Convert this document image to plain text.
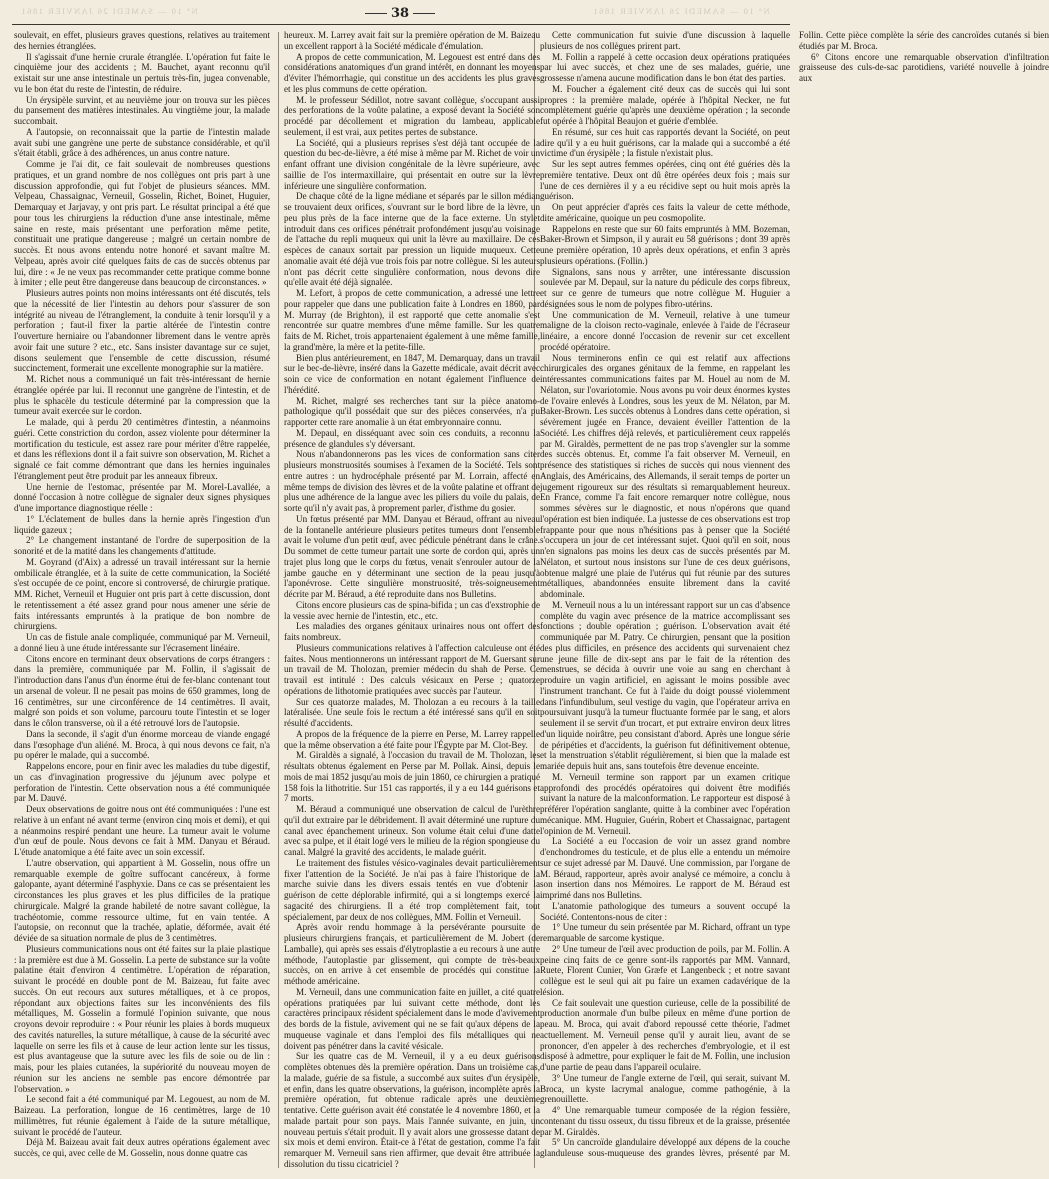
N° 10 — SAMEDI 26 JANVIER 1861	N° 10 — SAMEDI 26 JANVIER 1861
38

soulevait, en effet, plusieurs graves questions, relatives au traitement des hernies étranglées.

Il s'agissait d'une hernie crurale étranglée. L'opération fut faite le cinquième jour des accidents ; M. Bauchet, ayant reconnu qu'il existait sur une anse intestinale un pertuis très-fin, jugea convenable, vu le bon état du reste de l'intestin, de réduire.

Un érysipèle survint, et au neuvième jour on trouva sur les pièces du pansement des matières intestinales. Au vingtième jour, la malade succombait.

A l'autopsie, on reconnaissait que la partie de l'intestin malade avait subi une gangrène une perte de substance considérable, et qu'il s'était établi, grâce à des adhérences, un anus contre nature.

Comme je l'ai dit, ce fait soulevait de nombreuses questions pratiques, et un grand nombre de nos collègues ont pris part à une discussion approfondie, qui fut l'objet de plusieurs séances. MM. Velpeau, Chassaignac, Verneuil, Gosselin, Richet, Boinet, Huguier, Demarquay et Jarjavay, y ont pris part. Le résultat principal a été que pour tous les chirurgiens la réduction d'une anse intestinale, même saine en reste, mais présentant une perforation même petite, constituait une pratique dangereuse ; malgré un certain nombre de succès. Et nous avons entendu notre honoré et savant maître M. Velpeau, après avoir cité quelques faits de cas de succès obtenus par lui, dire : « Je ne veux pas recommander cette pratique comme bonne à imiter ; elle peut être dangereuse dans beaucoup de circonstances. »

Plusieurs autres points non moins intéressants ont été discutés, tels que la nécessité de lier l'intestin au dehors pour s'assurer de son intégrité au niveau de l'étranglement, la conduite à tenir lorsqu'il y a perforation ; faut-il fixer la partie altérée de l'intestin contre l'ouverture herniaire ou l'abandonner librement dans le ventre après avoir fait une suture ? etc., etc. Sans insister davantage sur ce sujet, disons seulement que l'ensemble de cette discussion, résumé succinctement, formerait une excellente monographie sur la matière.

M. Richet nous a communiqué un fait très-intéressant de hernie étranglée opérée par lui. Il reconnut une gangrène de l'intestin, et de plus le sphacèle du testicule déterminé par la compression que la tumeur avait exercée sur le cordon.

Le malade, qui à perdu 20 centimètres d'intestin, a néanmoins guéri. Cette constriction du cordon, assez violente pour déterminer la mortification du testicule, est assez rare pour mériter d'être rappelée, et dans les réflexions dont il a fait suivre son observation, M. Richet a signalé ce fait comme démontrant que dans les hernies inguinales l'étranglement peut être produit par les anneaux fibreux.

Une hernie de l'estomac, présentée par M. Morel-Lavallée, a donné l'occasion à notre collègue de signaler deux signes physiques d'une importance diagnostique réelle :

1° L'éclatement de bulles dans la hernie après l'ingestion d'un liquide gazeux ;

2° Le changement instantané de l'ordre de superposition de la sonorité et de la matité dans les changements d'attitude.

M. Goyrand (d'Aix) a adressé un travail intéressant sur la hernie ombilicale étranglée, et à la suite de cette communication, la Société s'est occupée de ce point, encore si controversé, de chirurgie pratique. MM. Richet, Verneuil et Huguier ont pris part à cette discussion, dont le retentissement a été assez grand pour nous amener une série de faits intéressants empruntés à la pratique de bon nombre de chirurgiens.

Un cas de fistule anale compliquée, communiqué par M. Verneuil, a donné lieu à une étude intéressante sur l'écrasement linéaire.

Citons encore en terminant deux observations de corps étrangers : dans la première, communiquée par M. Follin, il s'agissait de l'introduction dans l'anus d'un énorme étui de fer-blanc contenant tout un arsenal de voleur. Il ne pesait pas moins de 650 grammes, long de 16 centimètres, sur une circonférence de 14 centimètres. Il avait, malgré son poids et son volume, parcouru toute l'intestin et se loger dans le côlon transverse, où il a été retrouvé lors de l'autopsie.

Dans la seconde, il s'agit d'un énorme morceau de viande engagé dans l'œsophage d'un aliéné. M. Broca, à qui nous devons ce fait, n'a pu opérer le malade, qui a succombé.

Rappelons encore, pour en finir avec les maladies du tube digestif, un cas d'invagination progressive du jéjunum avec polype et perforation de l'intestin. Cette observation nous a été communiquée par M. Dauvé.

Deux observations de goitre nous ont été communiquées : l'une est relative à un enfant né avant terme (environ cinq mois et demi), et qui a néanmoins respiré pendant une heure. La tumeur avait le volume d'un œuf de poule. Nous devons ce fait à MM. Danyau et Béraud. L'étude anatomique a été faite avec un soin excessif.

L'autre observation, qui appartient à M. Gosselin, nous offre un remarquable exemple de goître suffocant cancéreux, à forme galopante, ayant déterminé l'asphyxie. Dans ce cas se présentaient les circonstances les plus graves et les plus difficiles de la pratique chirurgicale. Malgré la grande habileté de notre savant collègue, la trachéotomie, comme ressource ultime, fut en vain tentée. A l'autopsie, on reconnut que la trachée, aplatie, déformée, avait été déviée de sa situation normale de plus de 3 centimètres.

Plusieurs communications nous ont été faites sur la plaie plastique : la première est due à M. Gosselin. La perte de substance sur la voûte palatine était d'environ 4 centimètre. L'opération de réparation, suivant le procédé en double pont de M. Baizeau, fut faite avec succès. On eut recours aux sutures métalliques, et à ce propos, répondant aux objections faites sur les inconvénients des fils métalliques, M. Gosselin a formulé l'opinion suivante, que nous croyons devoir reproduire : « Pour réunir les plaies à bords muqueux des cavités naturelles, la suture métallique, à cause de la sécurité avec laquelle on serre les fils et à cause de leur action lente sur les tissus, est plus avantageuse que la suture avec les fils de soie ou de lin : mais, pour les plaies cutanées, la supériorité du nouveau moyen de réunion sur les anciens ne semble pas encore démontrée par l'observation. »

Le second fait a été communiqué par M. Legouest, au nom de M. Baizeau. La perforation, longue de 16 centimètres, large de 10 millimètres, fut réunie également à l'aide de la suture métallique, suivant le procédé de l'auteur.

Déjà M. Baizeau avait fait deux autres opérations également avec succès, ce qui, avec celle de M. Gosselin, nous donne quatre cas

heureux. M. Larrey avait fait sur la première opération de M. Baizeau un excellent rapport à la Société médicale d'émulation.

A propos de cette communication, M. Legouest est entré dans des considérations anatomiques d'un grand intérêt, en donnant les moyens d'éviter l'hémorrhagie, qui constitue un des accidents les plus graves et les plus communs de cette opération.

M. le professeur Sédillot, notre savant collègue, s'occupant aussi des perforations de la voûte palatine, a exposé devant la Société son procédé par décollement et migration du lambeau, applicable seulement, il est vrai, aux petites pertes de substance.

La Société, qui a plusieurs reprises s'est déjà tant occupée de la question du bec-de-lièvre, a été mise à même par M. Richet de voir un enfant offrant une division congénitale de la lèvre supérieure, avec saillie de l'os intermaxillaire, qui présentait en outre sur la lèvre inférieure une singulière conformation.

De chaque côté de la ligne médiane et séparés par le sillon médian se trouvaient deux orifices, s'ouvrant sur le bord libre de la lèvre, un peu plus près de la face interne que de la face externe. Un stylet introduit dans ces orifices pénétrait profondément jusqu'au voisinage de l'attache du repli muqueux qui unit la lèvre au maxillaire. De ces espèces de canaux sortait par pression un liquide muqueux. Cette anomalie avait été déjà vue trois fois par notre collègue. Si les auteurs n'ont pas décrit cette singulière conformation, nous devons dire qu'elle avait été déjà signalée.

M. Lefort, à propos de cette communication, a adressé une lettre pour rappeler que dans une publication faite à Londres en 1860, par M. Murray (de Brighton), il est rapporté que cette anomalie s'est rencontrée sur quatre membres d'une même famille. Sur les quatre faits de M. Richet, trois appartenaient également à une même famille, la grand'mère, la mère et la petite-fille.

Bien plus antérieurement, en 1847, M. Demarquay, dans un travail sur le bec-de-lièvre, inséré dans la Gazette médicale, avait décrit avec soin ce vice de conformation en notant également l'influence de l'hérédité.

M. Richet, malgré ses recherches tant sur la pièce anatomo-pathologique qu'il possédait que sur des pièces conservées, n'a pu rapporter cette rare anomalie à un état embryonnaire connu.

M. Depaul, en disséquant avec soin ces conduits, a reconnu la présence de glandules s'y déversant.

Nous n'abandonnerons pas les vices de conformation sans citer plusieurs monstruosités soumises à l'examen de la Société. Tels sont entre autres : un hydrocéphale présenté par M. Lorrain, affecté en même temps de division des lèvres et de la voûte palatine et offrant de plus une adhérence de la langue avec les piliers du voile du palais, de sorte qu'il n'y avait pas, à proprement parler, d'isthme du gosier.

Un fœtus présenté par MM. Danyau et Béraud, offrant au niveau de la fontanelle antérieure plusieurs petites tumeurs dont l'ensemble avait le volume d'un petit œuf, avec pédicule pénétrant dans le crâne. Du sommet de cette tumeur partait une sorte de cordon qui, après un trajet plus long que le corps du fœtus, venait s'enrouler autour de la jambe gauche en y déterminant une section de la peau jusqu'à l'aponévrose. Cette singulière monstruosité, très-soigneusement décrite par M. Béraud, a été reproduite dans nos Bulletins.

Citons encore plusieurs cas de spina-bifida ; un cas d'exstrophie de la vessie avec hernie de l'intestin, etc., etc.

Les maladies des organes génitaux urinaires nous ont offert des faits nombreux.

Plusieurs communications relatives à l'affection calculeuse ont été faites. Nous mentionnerons un intéressant rapport de M. Guersant sur un travail de M. Tholozan, premier médecin du shah de Perse. Ce travail est intitulé : Des calculs vésicaux en Perse ; quatorze opérations de lithotomie pratiquées avec succès par l'auteur.

Sur ces quatorze malades, M. Tholozan a eu recours à la taille latéralisée. Une seule fois le rectum a été intéressé sans qu'il en soit résulté d'accidents.

A propos de la fréquence de la pierre en Perse, M. Larrey rappelle que la même observation a été faite pour l'Égypte par M. Clot-Bey.

M. Giraldès a signalé, à l'occasion du travail de M. Tholozan, les résultats obtenus également en Perse par M. Pollak. Ainsi, depuis le mois de mai 1852 jusqu'au mois de juin 1860, ce chirurgien a pratiqué 158 fois la lithotritie. Sur 151 cas rapportés, il y a eu 144 guérisons et 7 morts.

M. Béraud a communiqué une observation de calcul de l'urèthre qu'il dut extraire par le débridement. Il avait déterminé une rupture du canal avec épanchement urineux. Son volume était celui d'une datte avec sa pulpe, et il était logé vers le milieu de la région spongieuse du canal. Malgré la gravité des accidents, le malade guérit.

Le traitement des fistules vésico-vaginales devait particulièrement fixer l'attention de la Société. Je n'ai pas à faire l'historique de la marche suivie dans les divers essais tentés en vue d'obtenir la guérison de cette déplorable infirmité, qui a si longtemps exercé la sagacité des chirurgiens. Il a été trop complètement fait, tout spécialement, par deux de nos collègues, MM. Follin et Verneuil.

Après avoir rendu hommage à la persévérante poursuite de plusieurs chirurgiens français, et particulièrement de M. Jobert (de Lamballe), qui après ses essais d'élytroplastie a eu recours à une autre méthode, l'autoplastie par glissement, qui compte de très-beaux succès, on en arrive à cet ensemble de procédés qui constitue la méthode américaine.

M. Verneuil, dans une communication faite en juillet, a cité quatre opérations pratiquées par lui suivant cette méthode, dont les caractères principaux résident spécialement dans le mode d'avivement des bords de la fistule, avivement qui ne se fait qu'aux dépens de la muqueuse vaginale et dans l'emploi des fils métalliques qui ne doivent pas pénétrer dans la cavité vésicale.

Sur les quatre cas de M. Verneuil, il y a eu deux guérisons complètes obtenues dès la première opération. Dans un troisième cas, la malade, guérie de sa fistule, a succombé aux suites d'un érysipèle, et enfin, dans les quatre observations, la guérison, incomplète après la première opération, fut obtenue radicale après une deuxième tentative. Cette guérison avait été constatée le 4 novembre 1860, et la malade partait pour son pays. Mais l'année suivante, en juin, un nouveau pertuis s'était produit. Il y avait alors une grossesse datant de six mois et demi environ. Était-ce à l'état de gestation, comme l'a fait remarquer M. Verneuil sans rien affirmer, que devait être attribuée la dissolution du tissu cicatriciel ?

Cette communication fut suivie d'une discussion à laquelle plusieurs de nos collègues prirent part.

M. Follin a rappelé à cette occasion deux opérations pratiquées par lui avec succès, et chez une de ses malades, guérie, une grossesse n'amena aucune modification dans le bon état des parties.

M. Foucher a également cité deux cas de succès qui lui sont propres : la première malade, opérée à l'hôpital Necker, ne fut complètement guérie qu'après une deuxième opération ; la seconde fut opérée à l'hôpital Beaujon et guérie d'emblée.

En résumé, sur ces huit cas rapportés devant la Société, on peut dire qu'il y a eu huit guérisons, car la malade qui a succombé a été victime d'un érysipèle ; la fistule n'existait plus.

Sur les sept autres femmes opérées, cinq ont été guéries dès la première tentative. Deux ont dû être opérées deux fois ; mais sur l'une de ces dernières il y a eu récidive sept ou huit mois après la guérison.

On peut apprécier d'après ces faits la valeur de cette méthode, dite américaine, quoique un peu cosmopolite.

Rappelons en reste que sur 60 faits empruntés à MM. Bozeman, Baker-Brown et Simpson, il y aurait eu 58 guérisons ; dont 39 après une première opération, 10 après deux opérations, et enfin 3 après plusieurs opérations. (Follin.)

Signalons, sans nous y arrêter, une intéressante discussion soulevée par M. Depaul, sur la nature du pédicule des corps fibreux, et sur ce genre de tumeurs que notre collègue M. Huguier a désignées sous le nom de polypes fibro-utérins.

Une communication de M. Verneuil, relative à une tumeur maligne de la cloison recto-vaginale, enlevée à l'aide de l'écraseur linéaire, a encore donné l'occasion de revenir sur cet excellent procédé opératoire.

Nous terminerons enfin ce qui est relatif aux affections chirurgicales des organes génitaux de la femme, en rappelant les intéressantes communications faites par M. Houel au nom de M. Nélaton, sur l'ovariotomie. Nous avons pu voir deux énormes kystes de l'ovaire enlevés à Londres, sous les yeux de M. Nélaton, par M. Baker-Brown. Les succès obtenus à Londres dans cette opération, si sévèrement jugée en France, devaient éveiller l'attention de la Société. Les chiffres déjà relevés, et particulièrement ceux rappelés par M. Giraldès, permettent de ne pas trop s'avengler sur la somme des succès obtenus. Et, comme l'a fait observer M. Verneuil, en présence des statistiques si riches de succès qui nous viennent des Anglais, des Américains, des Allemands, il serait temps de porter un jugement rigoureux sur des résultats si remarquablement heureux. En France, comme l'a fait encore remarquer notre collègue, nous sommes sévères sur le diagnostic, et nous n'opérons que quand l'opération est bien indiquée. La justesse de ces observations est trop frappante pour que nous n'hésitions pas à penser que la Société s'occupera un jour de cet intéressant sujet. Quoi qu'il en soit, nous n'en signalons pas moins les deux cas de succès présentés par M. Nélaton, et surtout nous insistons sur l'une de ces deux guérisons, obtenue malgré une plaie de l'utérus qui fut réunie par des sutures métalliques, abandonnées ensuite librement dans la cavité abdominale.

M. Verneuil nous a lu un intéressant rapport sur un cas d'absence complète du vagin avec présence de la matrice accomplissant ses fonctions ; double opération ; guérison. L'observation avait été communiquée par M. Patry. Ce chirurgien, pensant que la position des plus difficiles, en présence des accidents qui survenaient chez une jeune fille de dix-sept ans par le fait de la rétention des menstrues, se décida à ouvrir une voie au sang en cherchant à produire un vagin artificiel, en agissant le moins possible avec l'instrument tranchant. Ce fut à l'aide du doigt poussé violemment dans l'infundibulum, seul vestige du vagin, que l'opérateur arriva en poursuivant jusqu'à la tumeur fluctuante formée par le sang, et alors seulement il se servit d'un trocart, et put extraire environ deux litres d'un liquide noirâtre, peu consistant d'abord. Après une longue série de péripéties et d'accidents, la guérison fut définitivement obtenue, et la menstruation s'établit régulièrement, si bien que la malade est mariée depuis huit ans, sans toutefois être devenue enceinte.

M. Verneuil termine son rapport par un examen critique approfondi des procédés opératoires qui doivent être modifiés suivant la nature de la malconformation. Le rapporteur est disposé à préférer l'opération sanglante, quitte à la combiner avec l'opération mécanique. MM. Huguier, Guérin, Robert et Chassaignac, partagent l'opinion de M. Verneuil.

La Société a eu l'occasion de voir un assez grand nombre d'enchondromes du testicule, et de plus elle a entendu un mémoire sur ce sujet adressé par M. Dauvé. Une commission, par l'organe de M. Béraud, rapporteur, après avoir analysé ce mémoire, a conclu à son insertion dans nos Mémoires. Le rapport de M. Béraud est imprimé dans nos Bulletins.

L'anatomie pathologique des tumeurs a souvent occupé la Société. Contentons-nous de citer :

1° Une tumeur du sein présentée par M. Richard, offrant un type remarquable de sarcome kystique.

2° Une tumeur de l'œil avec production de poils, par M. Follin. A peine cinq faits de ce genre sont-ils rapportés par MM. Vannard, Ruete, Florent Cunier, Von Græfe et Langenbeck ; et notre savant collègue est le seul qui ait pu faire un examen cadavérique de la lésion.

Ce fait soulevait une question curieuse, celle de la possibilité de production anormale d'un bulbe pileux en même d'une portion de peau. M. Broca, qui avait d'abord repoussé cette théorie, l'admet actuellement. M. Verneuil pense qu'il y aurait lieu, avant de se prononcer, d'en appeler à des recherches d'embryologie, et il est disposé à admettre, pour expliquer le fait de M. Follin, une inclusion d'une partie de peau dans l'appareil oculaire.

3° Une tumeur de l'angle externe de l'œil, qui serait, suivant M. Broca, un kyste lacrymal analogue, comme pathogénie, à la grenouillette.

4° Une remarquable tumeur composée de la région fessière, contenant du tissu osseux, du tissu fibreux et de la graisse, présentée par M. Giraldès.

5° Un cancroïde glandulaire développé aux dépens de la couche glanduleuse sous-muqueuse des grandes lèvres, présenté par M. Follin. Cette pièce complète la série des cancroïdes cutanés si bien étudiés par M. Broca.

6° Citons encore une remarquable observation d'infiltration graisseuse des culs-de-sac parotidiens, variété nouvelle à joindre aux
